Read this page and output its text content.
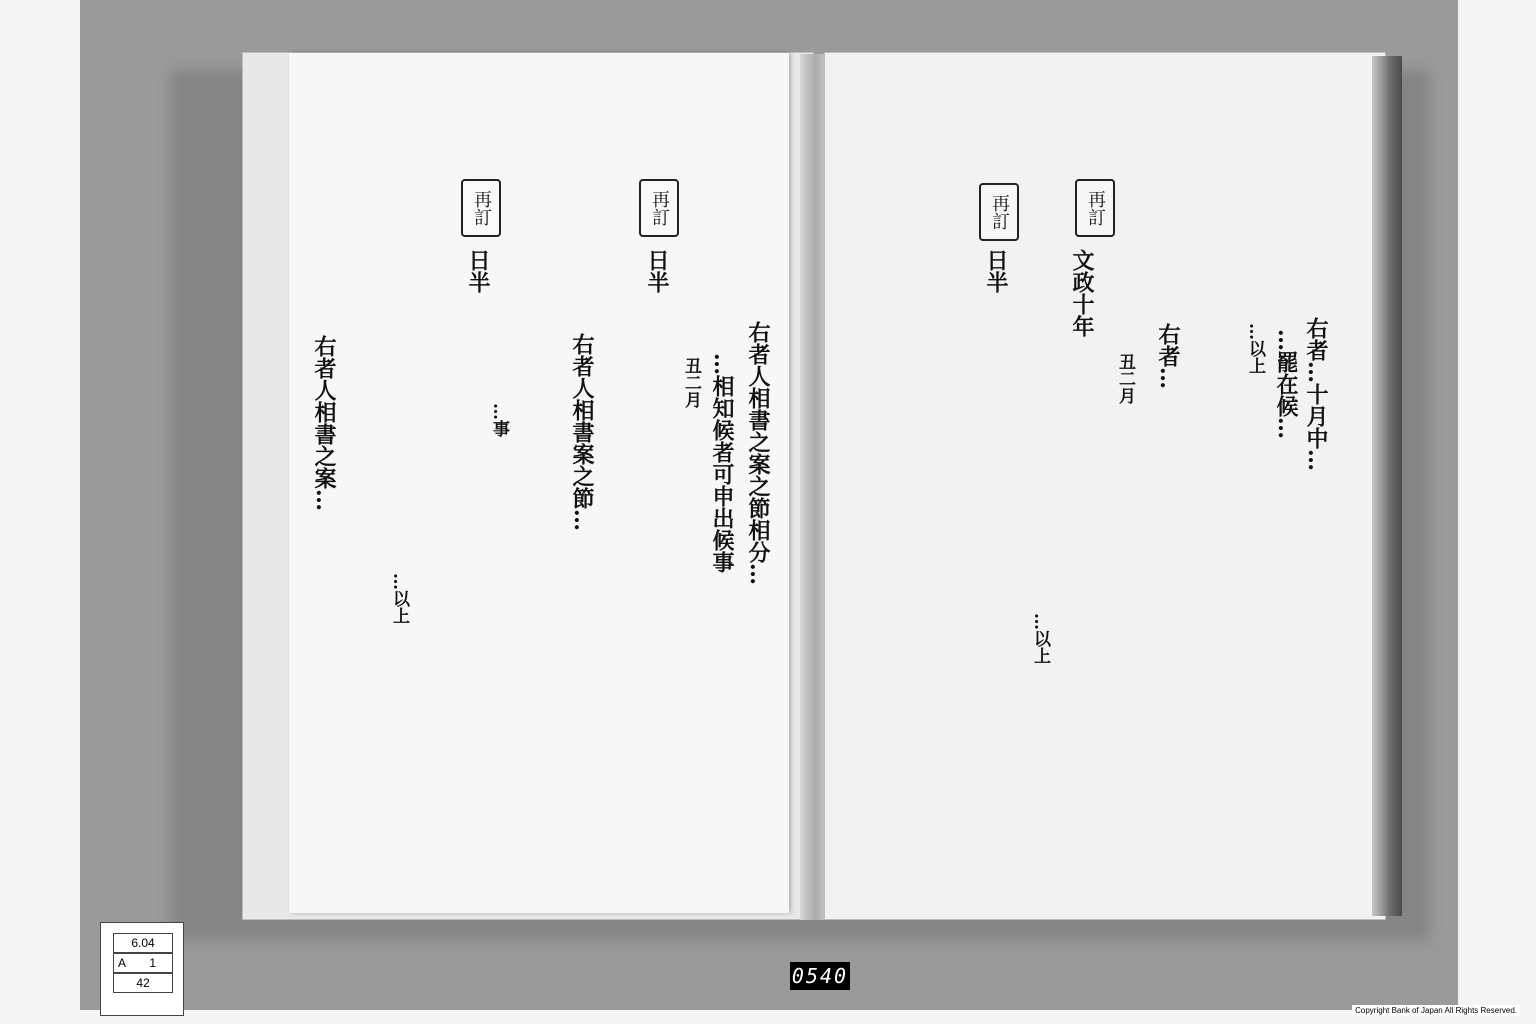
再訂	再訂
日半	日半
右者人相書之案之節相分…
…相知候者可申出候事
丑二月
右者人相書案之節…
…事
右者人相書之案…
…以上
再訂
再訂
日半	文政十年
右者…十月中…
…罷在候…
…以上
右者…
…以上
丑二月
6.04
A 1
42	0540
Copyright Bank of Japan All Rights Reserved.
